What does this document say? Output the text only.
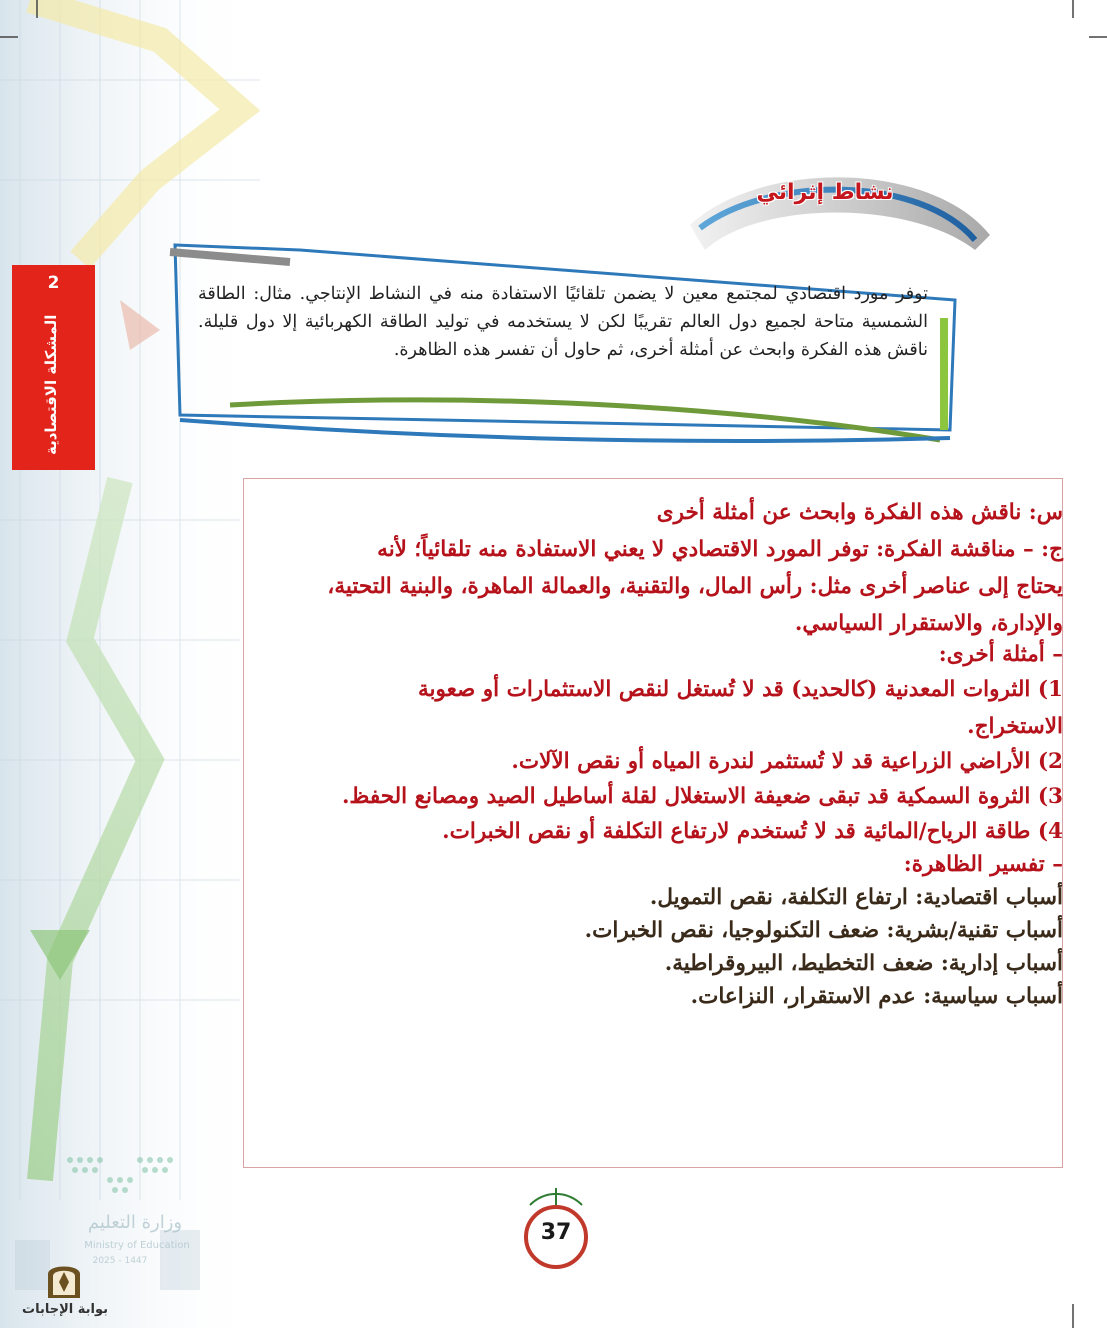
2
المشكلة الاقتصادية
نشاط إثرائي
توفر مورد اقتصادي لمجتمع معين لا يضمن تلقائيًا الاستفادة منه في النشاط الإنتاجي. مثال: الطاقة الشمسية متاحة لجميع دول العالم تقريبًا لكن لا يستخدمه في توليد الطاقة الكهربائية إلا دول قليلة. ناقش هذه الفكرة وابحث عن أمثلة أخرى، ثم حاول أن تفسر هذه الظاهرة.

س: ناقش هذه الفكرة وابحث عن أمثلة أخرى

ج: – مناقشة الفكرة: توفر المورد الاقتصادي لا يعني الاستفادة منه تلقائياً؛ لأنه

يحتاج إلى عناصر أخرى مثل: رأس المال، والتقنية، والعمالة الماهرة، والبنية التحتية،

والإدارة، والاستقرار السياسي.

– أمثلة أخرى:

1) الثروات المعدنية (كالحديد) قد لا تُستغل لنقص الاستثمارات أو صعوبة

الاستخراج.

2) الأراضي الزراعية قد لا تُستثمر لندرة المياه أو نقص الآلات.

3) الثروة السمكية قد تبقى ضعيفة الاستغلال لقلة أساطيل الصيد ومصانع الحفظ.

4) طاقة الرياح/المائية قد لا تُستخدم لارتفاع التكلفة أو نقص الخبرات.

– تفسير الظاهرة:

أسباب اقتصادية: ارتفاع التكلفة، نقص التمويل.

أسباب تقنية/بشرية: ضعف التكنولوجيا، نقص الخبرات.

أسباب إدارية: ضعف التخطيط، البيروقراطية.

أسباب سياسية: عدم الاستقرار، النزاعات.

37
وزارة التعليم
Ministry of Education
2025 - 1447
بوابة الإجابات
